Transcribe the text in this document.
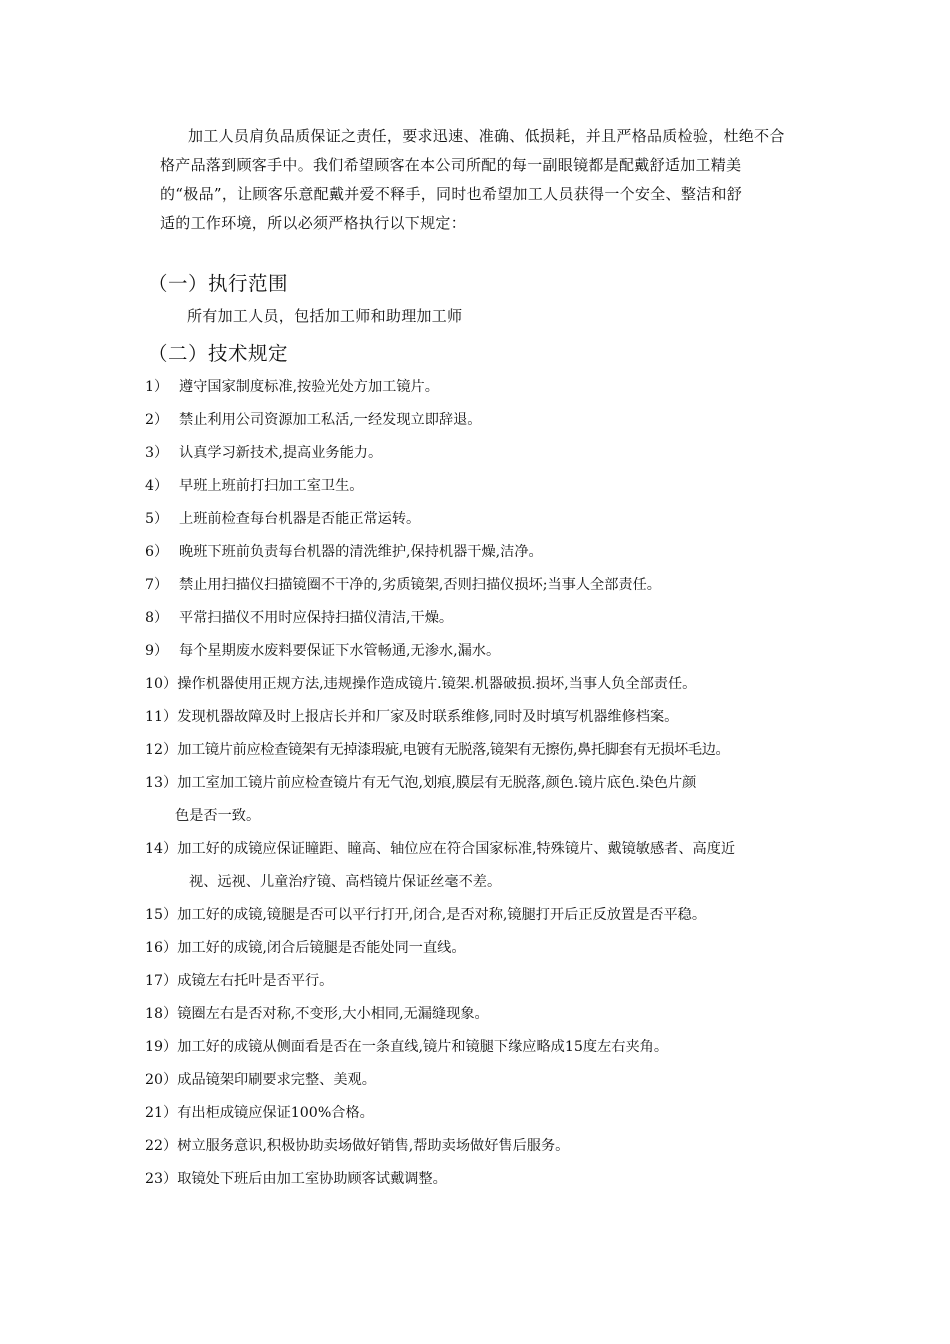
加工人员肩负品质保证之责任，要求迅速、准确、低损耗，并且严格品质检验，杜绝不合
格产品落到顾客手中。我们希望顾客在本公司所配的每一副眼镜都是配戴舒适加工精美
的“极品”，让顾客乐意配戴并爱不释手，同时也希望加工人员获得一个安全、整洁和舒
适的工作环境，所以必须严格执行以下规定：
（一）执行范围
所有加工人员，包括加工师和助理加工师
（二）技术规定
1） 遵守国家制度标准,按验光处方加工镜片。
2） 禁止利用公司资源加工私活,一经发现立即辞退。
3） 认真学习新技术,提高业务能力。
4） 早班上班前打扫加工室卫生。
5） 上班前检查每台机器是否能正常运转。
6） 晚班下班前负责每台机器的清洗维护,保持机器干燥,洁净。
7） 禁止用扫描仪扫描镜圈不干净的,劣质镜架,否则扫描仪损坏;当事人全部责任。
8） 平常扫描仪不用时应保持扫描仪清洁,干燥。
9） 每个星期废水废料要保证下水管畅通,无渗水,漏水。
10）操作机器使用正规方法,违规操作造成镜片.镜架.机器破损.损坏,当事人负全部责任。
11）发现机器故障及时上报店长并和厂家及时联系维修,同时及时填写机器维修档案。
12）加工镜片前应检查镜架有无掉漆瑕疵,电镀有无脱落,镜架有无擦伤,鼻托脚套有无损坏毛边。
13）加工室加工镜片前应检查镜片有无气泡,划痕,膜层有无脱落,颜色.镜片底色.染色片颜
色是否一致。
14）加工好的成镜应保证瞳距、瞳高、轴位应在符合国家标准,特殊镜片、戴镜敏感者、高度近
视、远视、儿童治疗镜、高档镜片保证丝毫不差。
15）加工好的成镜,镜腿是否可以平行打开,闭合,是否对称,镜腿打开后正反放置是否平稳。
16）加工好的成镜,闭合后镜腿是否能处同一直线。
17）成镜左右托叶是否平行。
18）镜圈左右是否对称,不变形,大小相同,无漏缝现象。
19）加工好的成镜从侧面看是否在一条直线,镜片和镜腿下缘应略成15度左右夹角。
20）成品镜架印刷要求完整、美观。
21）有出柜成镜应保证100%合格。
22）树立服务意识,积极协助卖场做好销售,帮助卖场做好售后服务。
23）取镜处下班后由加工室协助顾客试戴调整。
